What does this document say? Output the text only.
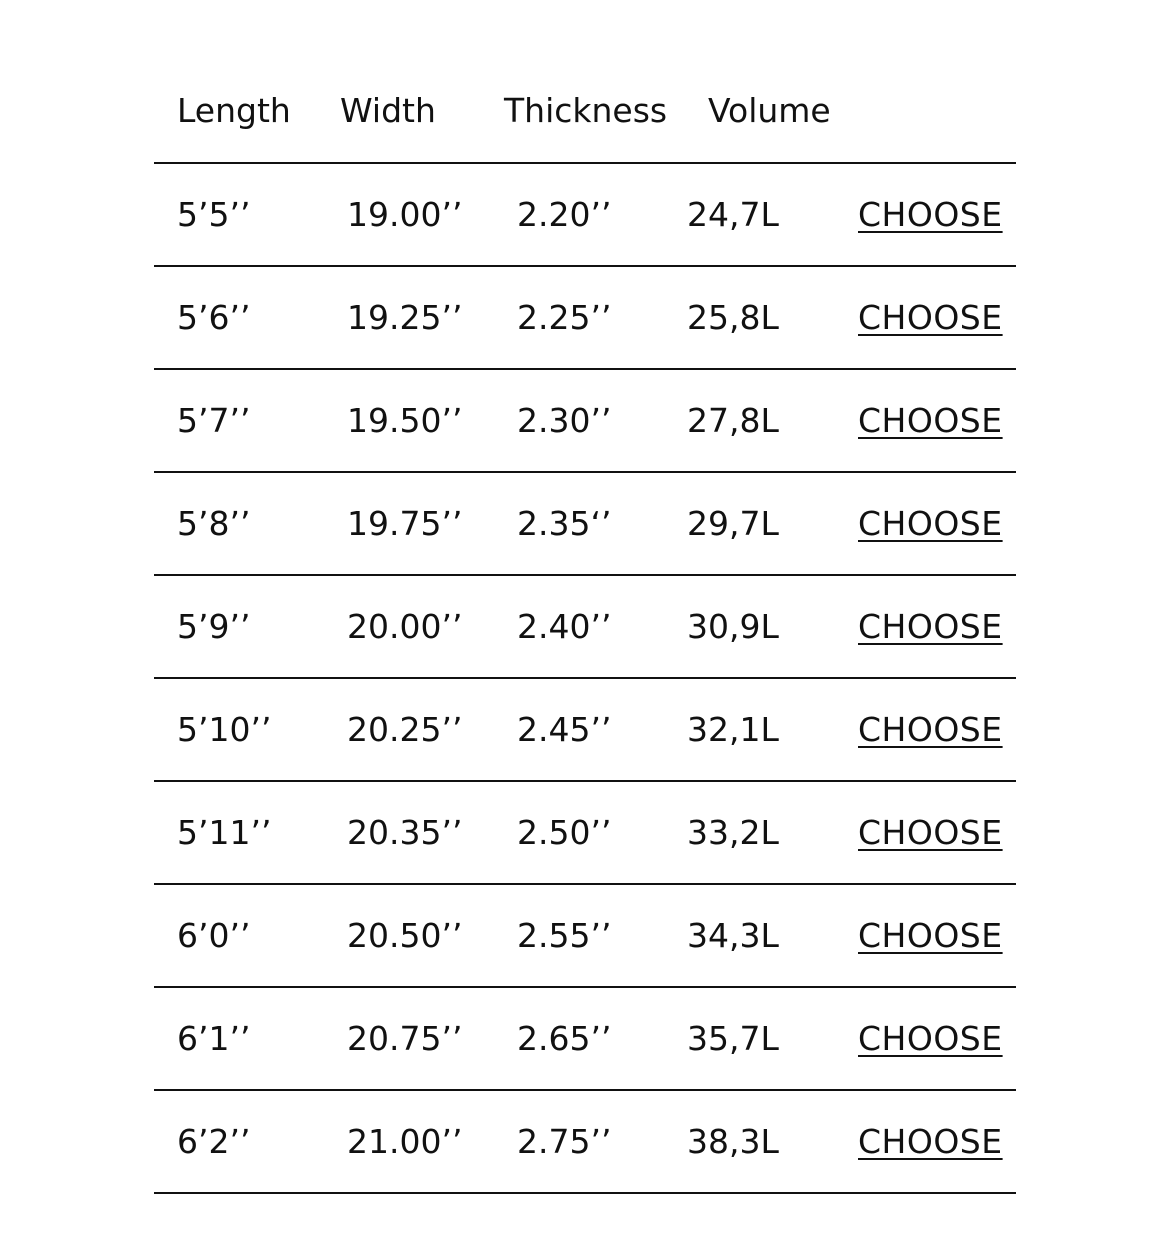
Length Width Thickness Volume
5’5’’	19.00’’ 2.20’’ 24,7L CHOOSE
5’6’’	19.25’’ 2.25’’ 25,8L CHOOSE
5’7’’	19.50’’ 2.30’’ 27,8L CHOOSE
5’8’’	19.75’’ 2.35‘’ 29,7L CHOOSE
5’9’’	20.00’’ 2.40’’ 30,9L CHOOSE
5’10’’ 20.25’’ 2.45’’ 32,1L CHOOSE
5’11’’ 20.35’’ 2.50’’ 33,2L CHOOSE
6’0’’	20.50’’ 2.55’’ 34,3L CHOOSE
6’1’’	20.75’’ 2.65’’ 35,7L CHOOSE
6’2’’	21.00’’ 2.75’’ 38,3L CHOOSE
